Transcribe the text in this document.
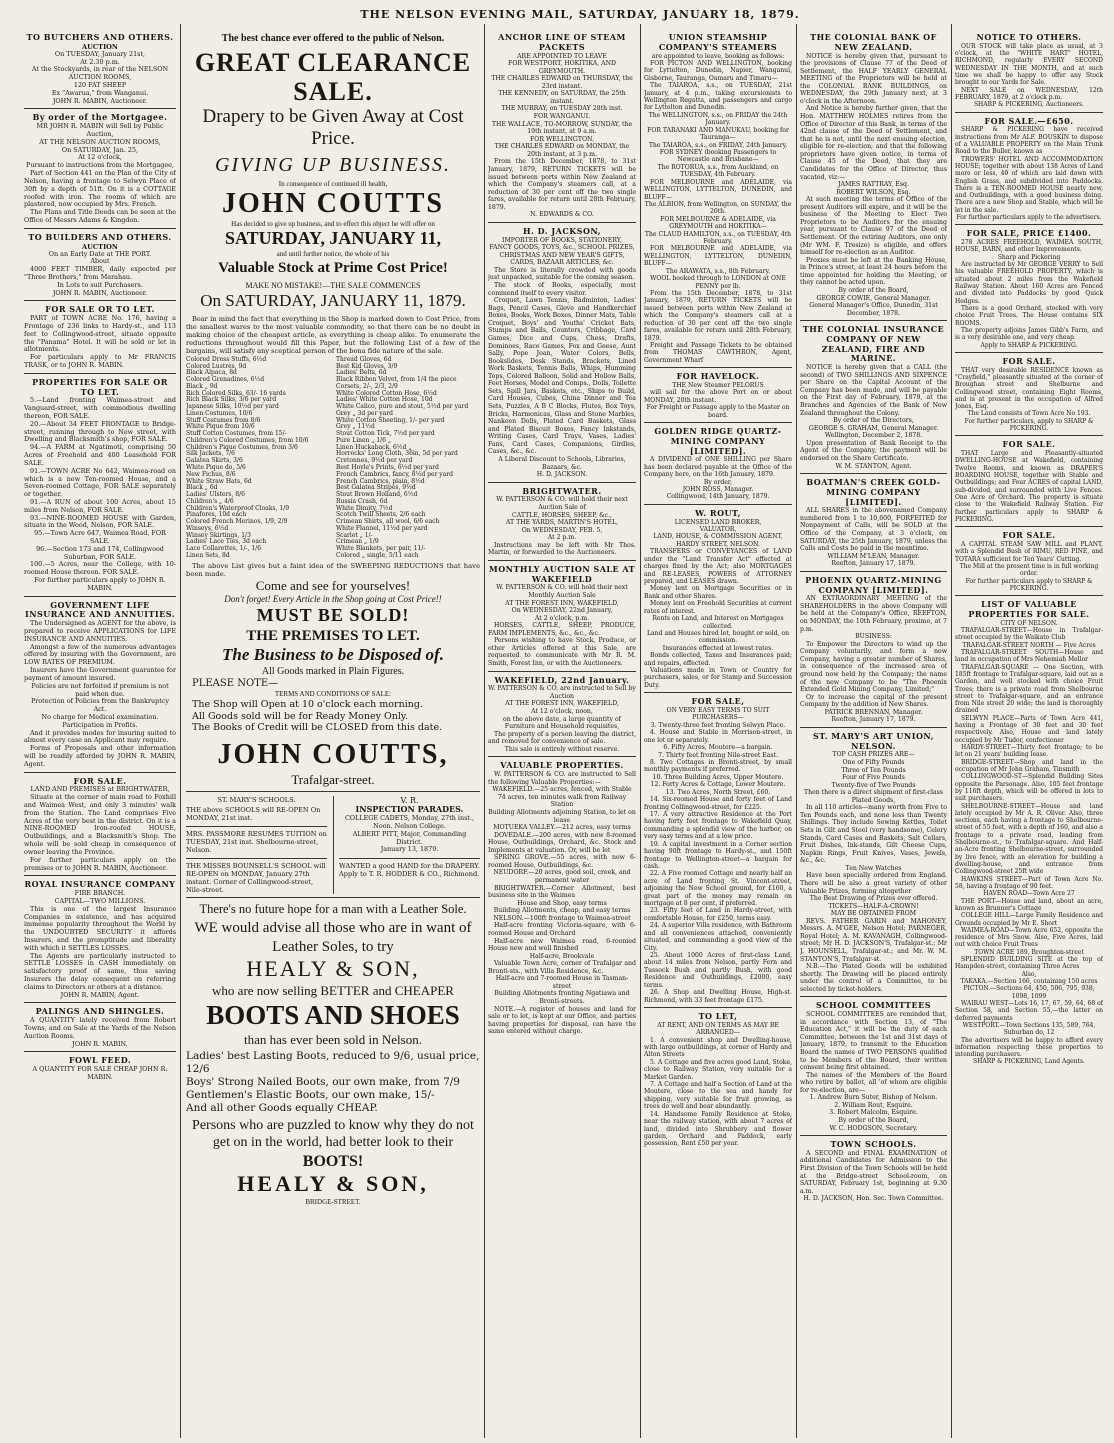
THE NELSON EVENING MAIL, SATURDAY, JANUARY 18, 1879.
TO BUTCHERS AND OTHERS.
AUCTION
On TUESDAY, January 21st,
At 2.30 p.m.
At the Stockyards, in rear of the NELSON AUCTION ROOMS,
120 FAT SHEEP
Ex "Awarua," from Wanganui.
JOHN R. MABIN, Auctioneer.
By order of the Mortgagee.
MR JOHN R. MABIN will Sell by Public Auction,
AT THE NELSON AUCTION ROOMS,
On SATURDAY, Jan. 25,
At 12 o'clock,
Pursuant to instructions from the Mortgagee,
Part of Section 441 on the Plan of the City of Nelson, having a frontage to Selwyn Place of 30ft by a depth of 51ft. On it is a COTTAGE roofed with iron. The rooms of which are plastered, now occupied by Mrs. French.
The Plans and Title Deeds can be seen at the Office of Messrs Adams & Kingdon.
TO BUILDERS AND OTHERS.
AUCTION
On an Early Date at THE PORT.
About
4000 FEET TIMBER, daily expected per "Three Brothers," from Marahau.
In Lots to suit Purchasers.
JOHN R. MABIN, Auctioneer.
FOR SALE OR TO LET.
PART of TOWN ACRE No. 176, having a Frontage of 236 links to Hardy-st., and 113 feet to Collingwood-street, situate opposite the "Panama" Hotel. It will be sold or let in allotments.
For particulars apply to Mr FRANCIS TRASK, or to JOHN R. MABIN.
PROPERTIES FOR SALE OR TO LET.
5.—Land fronting Waimea-street and Vanguard-street, with commodious dwelling thereon, FOR SALE.
20.—About 34 FEET FRONTAGE to Bridge-street, running through to New street, with Dwelling and Blacksmith's shop, FOR SALE.
94.—A FARM at Ngatimoti, comprising 50 Acres of Freehold and 400 Leasehold FOR SALE.
91.—TOWN ACRE No 642, Waimea-road on which is a new Ten-roomed House, and a Seven-roomed Cottage, FOR SALE separately or together.
91.—A RUN of about 100 Acres, about 15 miles from Nelson, FOR SALE.
93.—NINE-ROOMED HOUSE with Garden, situate in the Wood, Nelson, FOR SALE.
95.—Town Acre 647, Waimea Road, FOR SALE.
96.—Section 173 and 174, Collingwood Suburban, FOR SALE.
100.—5 Acres, near the College, with 10-roomed House thereon. FOR SALE.
For further particulars apply to JOHN R. MABIN.
GOVERNMENT LIFE INSURANCE AND ANNUITIES.
The Undersigned as AGENT for the above, is prepared to receive APPLICATIONS for LIFE INSURANCE AND ANNUITIES.
Amongst a few of the numerous advantages offered by insuring with the Government, are LOW RATES OF PREMIUM.
Insurers have the Government guarantee for payment of amount insured.
Policies are not forfeited if premium is not paid when due.
Protection of Policies from the Bankruptcy Act.
No charge for Medical examination.
Participation in Profits.
And it provides modes for insuring suited to almost every case an Applicant may require.
Forms of Proposals and other information will be readily afforded by JOHN R. MABIN, Agent.
FOR SALE.
LAND AND PREMISES at BRIGHTWATER,
Situate at the corner of main road to Foxhill and Waimea West, and only 3 minutes' walk from the Station. The Land comprises Five Acres of the very best in the district. On it is a NINE-ROOMED Iron-roofed HOUSE, Outbuildings, and a Blacksmith's Shop. The whole will be sold cheap in consequence of owner leaving the Province.
For further particulars apply on the premises or to JOHN R. MABIN, Auctioneer.
ROYAL INSURANCE COMPANY
FIRE BRANCH.
CAPITAL—TWO MILLIONS.
This is one of the largest Insurance Companies in existence, and has acquired immense popularity throughout the World by the UNDOUBTED SECURITY it affords Insurers, and the promptitude and liberality with which it SETTLES LOSSES.
The Agents are particularly instructed to SETTLE LOSSES in CASH immediately on satisfactory proof of same, thus saving Insurers the delay consequent on referring claims to Directors or others at a distance.
JOHN R. MABIN, Agent.
PALINGS AND SHINGLES.
A QUANTITY lately received from Robert Towns, and on Sale at the Yards of the Nelson Auction Rooms.
JOHN R. MABIN.
FOWL FEED.
A QUANTITY FOR SALE CHEAP JOHN R. MABIN.
The best chance ever offered to the public of Nelson.
GREAT CLEARANCE SALE.
Drapery to be Given Away at Cost Price.
GIVING UP BUSINESS.
In consequence of continued ill health,
JOHN COUTTS
Has decided to give up business, and to effect this object he will offer on
SATURDAY, JANUARY 11,
and until further notice, the whole of his
Valuable Stock at Prime Cost Price!
MAKE NO MISTAKE!—THE SALE COMMENCES
On SATURDAY, JANUARY 11, 1879.
Bear in mind the fact that everything in the Shop is marked down to Cost Price, from the smallest wares to the most valuable commodity, so that there can be no doubt in making choice of the cheapest article, as everything is cheap alike. To enumerate the reductions throughout would fill this Paper, but the following List of a few of the bargains, will satisfy any sceptical person of the bona fide nature of the sale.
Colored Dress Stuffs, 6½d
Colored Lustres, 9d
Black Alpaca, 8d
Colored Grenadines, 6½d
Black „ 9d
Rich Colored Silks, 63/- 16 yards
Rich Black Silks, 3/6 per yard
Japanese Silks, 10½d per yard
Linen Costumes, 10/6
Stuff Costumes from 8/6
White Pique from 10/6
Stuff Cotton Costumes, from 15/-
Children's Colored Costumes, from 10/6
Children's Pique Costumes, from 3/6
Silk Jackets, 7/6
Galatea Skirts, 3/6
White Pique do, 5/6
New Fichus, 8/6
White Straw Hats, 6d
Black „ 6d
Ladies' Ulsters, 8/6
Children's „ 4/6
Children's Waterproof Cloaks, 1/9
Pinafores, 10d each
Colored French Merinos, 1/9, 2/9
Winseys, 6½d
Winsey Skirtings, 1/3
Ladies' Lace Ties, 3d each
Lace Collarettes, 1/-, 1/6
Linen Sets, 8d
Thread Gloves, 6d
Best Kid Gloves, 3/9
Ladies' Belts, 6d
Black Ribbon Velvet, from 1/4 the piece
Corsets, 2/-, 2/3, 2/9
White Colored Cotton Hose, 6½d
Ladies' White Cotton Hose, 10d
White Calico, pure and stout, 5½d per yard
Grey „ 3d per yard
White Cotton Sheeting, 1/- per yard
Grey „ 11½d
Stout Cotton Tick, 7½d per yard
Pure Linen „ 1/6 „
Linen Huckaback, 6½d „
Horrocks' Long Cloth, 36in, 5d per yard
Cretonnes, 9½d per yard
Best Hoyle's Prints, 6½d per yard
French Cambrics, fancy, 8½d per yard
French Cambrics, plain, 8½d
Best Galatea Stripes, 9½d
Stout Brown Holland, 6½d
Russia Crash, 6d
White Dimity, 7½d
Scotch Twill Sheets, 2/6 each
Crimean Shirts, all wool, 6/6 each
White Flannel, 11½d per yard
Scarlet „ 1/-
Crimean „ 1/9
White Blankets, per pair, 11/-
Colored „ single, 5/11 each
The above List gives but a faint idea of the SWEEPING REDUCTIONS that have been made.
Come and see for yourselves!
Don't forget! Every Article in the Shop going at Cost Price!!
MUST BE SOLD!
THE PREMISES TO LET.
The Business to be Disposed of.
All Goods marked in Plain Figures.
PLEASE NOTE—
TERMS AND CONDITIONS OF SALE:
The Shop will Open at 10 o'clock each morning.
All Goods sold will be for Ready Money Only.
The Books of Credit will be CLOSED from this date.
JOHN COUTTS,
Trafalgar-street.
ST. MARY'S SCHOOLS.
THE above SCHOOLS will RE-OPEN On MONDAY, 21st inst.
MRS. PASSMORE RESUMES TUITION on TUESDAY, 21st inst. Shelbourne-street, Nelson.
THE MISSES BOUNSELL'S SCHOOL will RE-OPEN on MONDAY, January 27th instant. Corner of Collingwood-street, Nile-street.
V. R.
INSPECTION PARADES.
COLLEGE CADETS, Monday, 27th inst., Noon. Nelson College.
ALBERT PITT, Major, Commanding District.
January 13, 1879.
WANTED a good HAND for the DRAPERY. Apply to T. R. HODDER & CO., Richmond.
There's no future hope for a man with a Leather Sole.
WE would advise all those who are in want of Leather Soles, to try
HEALY & SON,
who are now selling BETTER and CHEAPER
BOOTS AND SHOES
than has ever been sold in Nelson.
Ladies' best Lasting Boots, reduced to 9/6, usual price, 12/6
Boys' Strong Nailed Boots, our own make, from 7/9
Gentlemen's Elastic Boots, our own make, 15/-
And all other Goods equally CHEAP.
Persons who are puzzled to know why they do not get on in the world, had better look to their
BOOTS!
HEALY & SON,
BRIDGE-STREET.
ANCHOR LINE OF STEAM PACKETS
ARE APPOINTED TO LEAVE
FOR WESTPORT, HOKITIKA, AND GREYMOUTH.
THE CHARLES EDWARD on THURSDAY, the 23rd instant.
THE KENNEDY, on SATURDAY, the 25th instant.
THE MURRAY, on TUESDAY 28th inst.
FOR WANGANUI.
THE WALLACE, TO-MORROW, SUNDAY, the 19th instant, at 9 a.m.
FOR WELLINGTON.
THE CHARLES EDWARD on MONDAY, the 20th instant, at 3 p.m.
From the 15th December, 1878, to 31st January, 1879, RETURN TICKETS will be issued between ports within New Zealand at which the Company's steamers call, at a reduction of 30 per cent off the two single fares, available for return until 28th February, 1879.
N. EDWARDS & CO.
H. D. JACKSON,
IMPORTER OF BOOKS, STATIONERY,
FANCY GOODS, TOYS, &c., SCHOOL PRIZES,
CHRISTMAS AND NEW YEAR'S GIFTS,
CARDS, BAZAAR ARTICLES, &c.
The Store is literally crowded with goods just unpacked, suitable for the coming season.
The stock of Books, especially, most commend itself to every visitor.
Croquet, Lawn Tennis, Badminton, Ladies' Bags, Pencil Cases, Glove and Handkerchief Boxes, Books, Work Boxes, Dinner Mats, Table Croquet, Boys' and Youths' Cricket Bats, Stumps and Balls, Counters, Cribbage, Card Games, Dice and Cups, Chess, Drafts, Dominoes, Race Games, Fox and Geese, Aunt Sally, Pope Joan, Water Colors, Bells, Bookslides, Desk Stands, Brackets, Lined Work Baskets, Tennis Balls, Whips, Humming Tops, Colored Balloon, Solid and Hollow Balls, Feet Horses, Model and Comps., Dolls, Toilette Sets, Spill Jars, Baskets, etc., Ships to Build, Card Houses, Cubes, China Dinner and Tea Sets, Puzzles, A B C Blocks, Flutes, Box Toys, Bricks, Harmonicas, Glass and Stone Marbles, Nankeen Dolls, Plated Card Baskets, Glass and Plated Biscuit Boxes, Fancy Inkstands, Writing Cases, Card Trays, Vases, Ladies' Fans, Card Cases, Companions, Girdles, Cases, &c., &c.
A Liberal Discount to Schools, Libraries, Bazaars, &c.
H. D. JACKSON.
BRIGHTWATER.
W. PATTERSON & CO. will hold their next Auction Sale of
CATTLE, HORSES, SHEEP, &c.,
AT THE YARDS, MARTIN'S HOTEL,
On WEDNESDAY, FEB. 5,
At 2 p.m.
Instructions may be left with Mr Thos. Martin, or forwarded to the Auctioneers.
MONTHLY AUCTION SALE AT WAKEFIELD
W. PATTERSON & CO. will hold their next Monthly Auction Sale
AT THE FOREST INN, WAKEFIELD,
On WEDNESDAY, 22nd January,
At 2 o'clock, p.m.
HORSES, CATTLE, SHEEP, PRODUCE, FARM IMPLEMENTS, &c., &c., &c.
Persons wishing to have Stock, Produce, or other Articles offered at this Sale, are requested to communicate with Mr R. M. Smith, Forest Inn, or with the Auctioneers.
WAKEFIELD, 22nd January.
W. PATTERSON & CO. are instructed to Sell by Auction
AT THE FOREST INN, WAKEFIELD,
At 12 o'clock, noon,
on the above date, a large quantity of
Furniture and Household requisites,
The property of a person leaving the district, and removed for convenience of sale.
This sale is entirely without reserve.
VALUABLE PROPERTIES.
W. PATTERSON & CO. are instructed to Sell the following Valuable Properties:—
WAKEFIELD.—25 acres, fenced, with Stable
74 acres, ten minutes walk from Railway Station
Building Allotments adjoining Station, to let on lease
MOTUEKA VALLEY.—212 acres, easy terms
DOVEDALE.—200 acres, with new 8-roomed House, Outbuildings, Orchard, &c. Stock and Implements at valuation. Or, will be let
SPRING GROVE.—55 acres, with new 6-roomed House, Outbuildings, &c.
NEUDORF.—20 acres, good soil, creek, and permanent water
BRIGHTWATER.—Corner Allotment, best business site in the Waimea
House and Shop, easy terms
Building Allotments, cheap, and easy terms
NELSON.—100ft frontage to Waimea-street
Half-acre fronting Victoria-square, with 6-roomed House and Orchard
Half-acre new Waimea road, 6-roomed House new and well finished
Half-acre, Brookvale
Valuable Town Acre, corner of Trafalgar and Bronti-sts., with Villa Residence, &c.
Half-acre and 7-roomed House in Tasman-street
Building Allotments fronting Ngatiawa and Bronti-streets.
NOTE.—A register of houses and land for sale or to let, is kept at our Office, and parties having properties for disposal, can have the same entered without charge.
UNION STEAMSHIP COMPANY'S STEAMERS
are appointed to leave, booking as follows:
FOR PICTON AND WELLINGTON, booking for Lyttelton, Dunedin, Napier, Wanganui, Gisborne, Tauranga, Oamaru and Timaru—
The TAIAROA, s.s., on TUESDAY, 21st January, at 4 p.m., taking excursionists to Wellington Regatta, and passengers and cargo for Lyttelton and Dunedin.
The WELLINGTON, s.s., on FRIDAY the 24th January.
FOR TARANAKI AND MANUKAU, booking for Tauranga—
The TAIAROA, s.s., on FRIDAY, 24th January.
FOR SYDNEY (booking Passengers to Newcastle and Brisbane—
The ROTORUA, s.s., from Auckland, on TUESDAY, 4th February.
FOR MELBOURNE and ADELAIDE, via WELLINGTON, LYTTELTON, DUNEDIN, and BLUFF—
The ALBION, from Wellington, on SUNDAY, the 26th.
FOR MELBOURNE & ADELAIDE, via GREYMOUTH and HOKITIKA—
The CLAUD HAMILTON, s.s., on TUESDAY, 4th February.
FOR MELBOURNE and ADELAIDE, via WELLINGTON, LYTTELTON, DUNEDIN, BLUFF—
The ARAWATA, s.s., 8th February.
WOOL booked through to LONDON at ONE PENNY per lb.
From the 15th December, 1878, to 31st January, 1879, RETURN TICKETS will be issued between ports within New Zealand at which the Company's steamers call at a reduction of 30 per cent off the two single fares, available for return until 28th February, 1879.
Freight and Passage Tickets to be obtained from THOMAS CAWTHRON, Agent, Government Wharf
FOR HAVELOCK.
THE New Steamer PELORUS
will sail for the above Port on or about MONDAY, 20th instant.
For Freight or Passage apply to the Master on board.
GOLDEN RIDGE QUARTZ-MINING COMPANY [LIMITED].
A DIVIDEND of ONE SHILLING per Share has been declared payable at the Office of the Company here, on the 16th January, 1879.
By order,
JOHN ROSS, Manager.
Collingwood, 14th January, 1879.
W. ROUT,
LICENSED LAND BROKER,
VALUATOR,
LAND, HOUSE, & COMMISSION AGENT,
HARDY STREET, NELSON.
TRANSFERS or CONVEYANCES of LAND under the "Land Transfer Act" effected at charges fixed by the Act; also MORTGAGES and RE-LEASES, POWERS of ATTORNEY prepared, and LEASES drawn.
Money lent on Mortgage Securities or in Bank and other Shares.
Money lent on Freehold Securities at current rates of interest.
Rents on Land, and Interest on Mortgages collected.
Land and Houses hired let, bought or sold, on commission.
Insurances effected at lowest rates.
Bonds collected, Taxes and Insurances paid; and repairs, effected.
Valuations made in Town or Country for purchasers, sales, or for Stamp and Succession Duty.
FOR SALE,
ON VERY EASY TERMS TO SUIT PURCHASERS—
3. Twenty-three feet fronting Selwyn Place.
4. House and Stable in Morrison-street, in one lot or separately.
6. Fifty Acres, Moutere—a bargain.
7. Thirty feet fronting Nile-street East.
8. Two Cottages in Bronti-street, by small monthly payments if preferred.
10. Three Building Acres, Upper Moutere.
12. Forty Acres & Cottage, Lower Moutere.
13. Two Acres, North Street, £60.
14. Six-roomed House and forty feet of Land fronting Collingwood-street, for £225.
17. A very attractive Residence at the Port having forty feet frontage to Wakefield Quay, commanding a splendid view of the harbor, on very easy terms and at a low price.
19. A capital investment in a Corner section having 90ft frontage to Hardy-st., and 150ft frontage to Wellington-street—a bargain for cash.
22. A Five roomed Cottage and nearly half an acre of Land fronting St. Vincent-street, adjoining the New School ground, for £160, a great part of the money may remain on mortgage at 8 per cent, if preferred.
23. Fifty feet of Land in Hardy-street, with comfortable House, for £250, terms easy.
24. A superior Villa residence, with Bathroom and all conveniences attached, conveniently situated, and commanding a good view of the City.
25. About 1000 Acres of first-class Land, about 14 miles from Nelson, partly Fern and Tussock Bush and partly Bush, with good Residence and Outbuildings, £2000, easy terms.
26. A Shop and Dwelling House, High-st. Richmond, with 33 feet frontage £175.
TO LET,
AT RENT, AND ON TERMS AS MAY BE ARRANGED—
1. A convenient shop and Dwelling-house, with large outbuildings, at corner of Hardy and Alton Streets
5. A Cottage and five acres good Land, Stoke, close to Railway Station, very suitable for a Market Garden.
7. A Cottage and half a Section of Land at the Moutere, close to the sea and handy for shipping, very suitable for fruit growing, as trees do well and bear abundantly.
14. Handsome Family Residence at Stoke, near the railway station, with about 7 acres of land, divided into Shrubbery and flower garden, Orchard and Paddock, early possession, Rent £50 per year.
THE COLONIAL BANK OF NEW ZEALAND.
NOTICE is hereby given that, pursuant to the provisions of Clause 77 of the Deed of Settlement, the HALF YEARLY GENERAL MEETING of the Proprietors will be held at the COLONIAL BANK BUILDINGS, on WEDNESDAY, the 29th January next, at 3 o'clock in the Afternoon.
And Notice is hereby further given, that the Hon. MATTHEW HOLMES retires from the Office of Director of this Bank, in terms of the 42nd clause of the Deed of Settlement, and that he is not, until the next ensuing election, eligible for re-election; and that the following proprietors have given notice, in terms of Clause 45 of the Deed, that they are Candidates for the Office of Director, thus vacated, viz:—
JAMES RATTRAY, Esq.
ROBERT WILSON, Esq.
At such meeting the terms of Office of the present Auditors will expire, and it will be the business of the Meeting to Elect Two Proprietors to be Auditors for the ensuing year, pursuant to Clause 97 of the Deed of Settlement. Of the retiring Auditors, one only (Mr WM. F. Tresize) is eligible, and offers himself for re-election as an Auditor.
Proxies must be left at the Banking House, in Prince's street, at least 24 hours before the time appointed for holding the Meeting, or they cannot be acted upon.
By order of the Board,
GEORGE COWIE, General Manager.
General Manager's Office, Dunedin, 31st December, 1878.
THE COLONIAL INSURANCE COMPANY OF NEW ZEALAND, FIRE AND MARINE.
NOTICE is hereby given that a CALL (the second) of TWO SHILLINGS AND SIXPENCE per Share on the Capital Account of the Company has been made, and will be payable on the First day of February, 1879, at the Branches and Agencies of the Bank of New Zealand throughout the Colony.
By order of the Directors,
GEORGE S. GRAHAM, General Manager.
Wellington, December 2, 1878.
Upon presentation of Bank Receipt to the Agent of the Company, the payment will be endorsed on the Share Certificate.
W. M. STANTON, Agent.
BOATMAN'S CREEK GOLD-MINING COMPANY [LIMITED].
ALL SHARES in the abovenamed Company numbered from 1 to 10,600, FORFEITED for Nonpayment of Calls, will be SOLD at the Office of the Company, at 3 o'clock, on SATURDAY, the 25th January, 1879, unless the Calls and Costs be paid in the meantime.
WILLIAM M'LEAN, Manager.
Reefton, January 17, 1879.
PHOENIX QUARTZ-MINING COMPANY [LIMITED].
AN EXTRAORDINARY MEETING of the SHAREHOLDERS in the above Company will be held at the Company's Office, REEFTON, on MONDAY, the 10th February, proximo, at 7 p.m.
BUSINESS:
To Empower the Directors to wind up the Company voluntarily, and form a new Company, having a greater number of Shares, in consequence of the increased area of ground now held by the Company; the name of the new Company to be "The Phoenix Extended Gold Mining Company, Limited;"
Or to increase the capital of the present Company by the addition of New Shares.
PATRICK BRENNAN, Manager.
Reefton, January 17, 1879.
ST. MARY'S ART UNION, NELSON.
TOP CASH PRIZES ARE—
One of Fifty Pounds
Three of Ten Pounds
Four of Five Pounds
Twenty-five of Two Pounds
Then there is a direct shipment of first-class
Plated Goods,
In all 110 articles—many worth from Five to Ten Pounds each, and none less than Twenty Shillings. They include Sewing Kettles, Toilet Sets in Gilt and Steel (very handsome), Celery Stands, Card Cases and Baskets, Salt Cellars, Fruit Dishes, Ink-stands, Gilt Cheese Cups, Napkin Rings, Fruit Knives, Vases, Jewels, &c., &c.
Ten New Watches
Have been specially ordered from England. There will be also a great variety of other Valuable Prizes, forming altogether
The Best Drawing of Prizes ever offered.
TICKETS—HALF-A-CROWN!
MAY BE OBTAINED FROM
REVS. FATHER GARIN and MAHONEY, Messrs. A. M'GEE, Nelson Hotel; PARNEGER, Royal Hotel; A. M. KAVANAGH, Collingwood-street; Mr H. D. JACKSON'S, Trafalgar-st.; Mr J. HOUNSELL, Trafalgar-st.; and Mr. W. M. STANTON'S, Trafalgar-st.
N.B.—The Plated Goods will be exhibited shortly. The Drawing will be placed entirely under the control of a Committee, to be selected by ticket-holders.
SCHOOL COMMITTEES
SCHOOL COMMITTEES are reminded that, in accordance with Section 13, of "The Education Act," it will be the duty of each Committee, between the 1st and 31st days of January, 1879, to transmit to the Education Board the names of TWO PERSONS qualified to be Members of the Board, their written consent being first obtained.
The names of the Members of the Board who retire by ballot, all 'of whom are eligible for re-election, are—
1. Andrew Burn Suter, Bishop of Nelson.
2. William Rout, Esquire.
3. Robert Malcolm, Esquire.
By order of the Board,
W. C. HODGSON, Secretary.
TOWN SCHOOLS.
A SECOND and FINAL EXAMINATION of additional Candidates for Admission to the First Division of the Town Schools will be held at the Bridge-street School-room, on SATURDAY, February 1st, beginning at 9.30 a.m.
H. D. JACKSON, Hon. Sec. Town Committee.
NOTICE TO OTHERS.
OUR STOCK will take place as usual, at 3 o'clock, at the "WHITE HART" HOTEL, RICHMOND, regularly EVERY SECOND WEDNESDAY IN THE MONTH, and at such time we shall be happy to offer any Stock brought to our Yards for Sale.
NEXT SALE on WEDNESDAY, 12th FEBRUARY, 1879, at 2 o'clock p.m.
SHARP & PICKERING, Auctioneers.
FOR SALE.—£650.
SHARP & PICKERING have received instructions from Mr ALF. BOUSKIN to dispose of a VALUABLE PROPERTY on the Main Trunk Road to the Buller, known as
TROWERS' HOTEL AND ACCOMMODATION HOUSE; together with about 138 Acres of Land more or less, 40 of which are laid down with English Grass, and subdivided into Paddocks. There is a TEN-ROOMED HOUSE nearly new, and Outbuildings, with a good business doing. There are a new Shop and Stable, which will be let in the sale.
For further particulars apply to the advertisers.
FOR SALE, PRICE £1400.
278 ACRES FREEHOLD, WAIMEA SOUTH, HOUSE, BARN, and other Improvements.
Sharp and Pickering
Are instructed by Mr GEORGE VERRY to Sell his valuable FREEHOLD PROPERTY, which is situated about 2 miles from the Wakefield Railway Station. About 160 Acres are Fenced and divided into Paddocks by good Quick Hedges.
There is a good Orchard, stocked with very choice Fruit Trees. The House contains SIX ROOMS.
The property adjoins James Gibb's Farm, and is a very desirable one, and very cheap.
Apply to SHARP & PICKERING.
FOR SALE.
THAT very desirable RESIDENCE known as "Crayfield," pleasantly situated at the corner of Broughan street and Shelburne and Collingwood street, containing Eight Rooms, and is at present in the occupation of Alfred Jones, Esq.
The Land consists of Town Acre No 193.
For further particulars, apply to SHARP & PICKERING.
FOR SALE.
THAT Large and Pleasantly-situated DWELLING-HOUSE at Wakefield, containing Twelve Rooms, and known as DRAPER'S BOARDING HOUSE, together with Stable and Outbuildings; and Four ACRES of capital LAND, sub-divided, and surrounded with Live Fences. One Acre of Orchard. The property is situate close to the Wakefield Railway Station. For further particulars apply to SHARP & PICKERING.
FOR SALE.
A CAPITAL STEAM SAW MILL and PLANT, with a Splendid Bush of RIMU, RED PINE, and TOTARA sufficient for Ten Years' Cutting.
The Mill at the present time is in full working order.
For further particulars apply to SHARP & PICKERING.
LIST OF VALUABLE PROPERTIES FOR SALE.
CITY OF NELSON.
TRAFALGAR-STREET—House in Trafalgar-street occupied by the Waikato Club
TRAFALGAR-STREET NORTH — Five Acres
TRAFALGAR-STREET SOUTH—House and land in occupation of Mrs Nehemiah Mellor
TRAFALGAR-SQUARE — One Section, with 185ft frontage to Trafalgar-square, laid out as a Garden, and well stocked with choice Fruit Trees; there is a private road from Shelbourne street to Trafalgar-square, and an entrance from Nile street 20 wide; the land is thoroughly drained
SELWYN PLACE—Parts of Town Acre 441, having a Frontage of 30 feet and 30 feet respectively. Also, House and land lately occupied by Mr Tudor, confectioner
HARDY-STREET—Thirty feet frontage; to be let on 21 years' building lease.
BRIDGE-STREET—Shop and land in the occupation of Mr John Graham, Tinsmith
COLLINGWOOD-ST—Splendid Building Sites opposite the Parsonage. Also, 105 feet frontage by 116ft depth, which will be offered in lots to suit purchasers.
SHELBOURNE-STREET—House and land lately occupied by Mr A. R. Oliver. Also, three sections, each having a frontage to Shelbourne-street of 55 feet, with a depth of 160, and also a frontage to a private road, leading from Shelbourne-st., to Trafalgar-square. And Half-an-Acre fronting Shelbourne-street, surrounded by live fence, with an elevation for building a dwelling-house, and entrance from Collingwood-street 25ft wide
HAWKINS STREET—Part of Town Acre No. 58, having a frontage of 90 feet.
HAVEN ROAD—Town Acre 27
THE PORT—House and land, about an acre, known as Brunner's Cottage
COLLEGE HILL—Large Family Residence and Grounds occupied by Mr E. Short
WAIMEA-ROAD—Town Acre 652, opposite the residence of Mrs Snow. Also, Five Acres, laid out with choice Fruit Trees
TOWN ACRE 189, Broughton-street
SPLENDID BUILDING SITE at the top of Hampden-street, containing Three Acres
Also,
TAKAKA.—Section 166, containing 150 acres
PICTON.—Sections 64, 450, 506, 795, 938, 1098, 1099
WAIRAU WEST—Lots 16, 17, 67, 59, 64, 68 of Section 58, and Section 55,—the latter on deferred payments
WESTPORT.—Town Sections 135, 589, 764, Suburban do, 12
The advertisers will be happy to afford every information respecting these properties to intending purchasers.
SHARP & PICKERING, Land Agents.
